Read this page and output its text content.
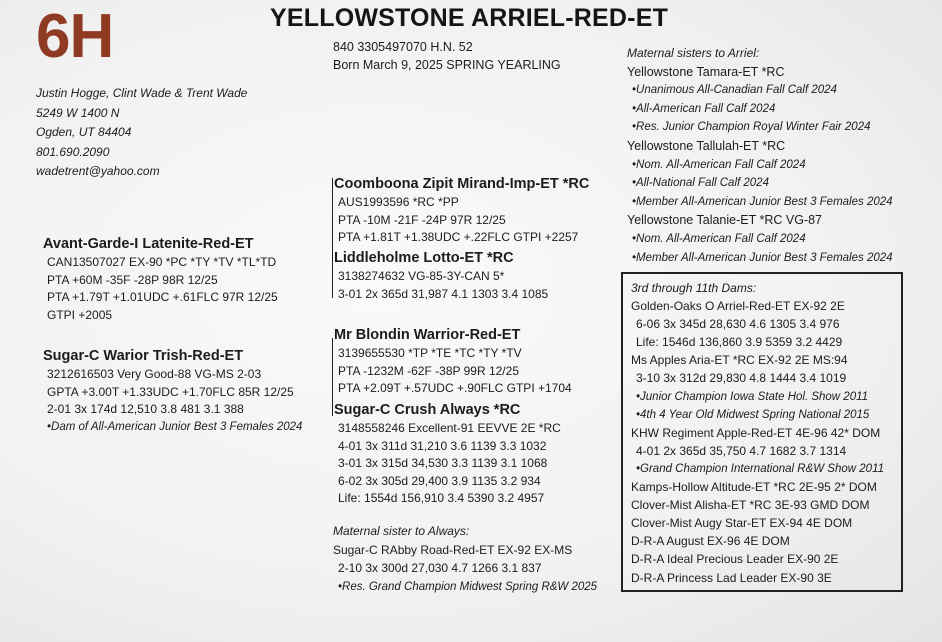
6H	YELLOWSTONE ARRIEL-RED-ET
840 3305497070 H.N. 52
Born March 9, 2025 SPRING YEARLING
Justin Hogge, Clint Wade & Trent Wade
5249 W 1400 N
Ogden, UT 84404
801.690.2090
wadetrent@yahoo.com
Avant-Garde-I Latenite-Red-ET
CAN13507027 EX-90 *PC *TY *TV *TL*TD
PTA +60M -35F -28P 98R 12/25
PTA +1.79T +1.01UDC +.61FLC 97R 12/25
GTPI +2005
Sugar-C Warior Trish-Red-ET
3212616503 Very Good-88 VG-MS 2-03
GPTA +3.00T +1.33UDC +1.70FLC 85R 12/25
2-01 3x 174d 12,510 3.8 481 3.1 388
•Dam of All-American Junior Best 3 Females 2024
Coomboona Zipit Mirand-Imp-ET *RC
AUS1993596 *RC *PP
PTA -10M -21F -24P 97R 12/25
PTA +1.81T +1.38UDC +.22FLC GTPI +2257
Liddleholme Lotto-ET *RC
3138274632 VG-85-3Y-CAN 5*
3-01 2x 365d 31,987 4.1 1303 3.4 1085
Mr Blondin Warrior-Red-ET
3139655530 *TP *TE *TC *TY *TV
PTA -1232M -62F -38P 99R 12/25
PTA +2.09T +.57UDC +.90FLC GTPI +1704
Sugar-C Crush Always *RC
3148558246 Excellent-91 EEVVE 2E *RC
4-01 3x 311d 31,210 3.6 1139 3.3 1032
3-01 3x 315d 34,530 3.3 1139 3.1 1068
6-02 3x 305d 29,400 3.9 1135 3.2 934
Life: 1554d 156,910 3.4 5390 3.2 4957
Maternal sister to Always:
Sugar-C RAbby Road-Red-ET EX-92 EX-MS
2-10 3x 300d 27,030 4.7 1266 3.1 837
•Res. Grand Champion Midwest Spring R&W 2025
Maternal sisters to Arriel:
Yellowstone Tamara-ET *RC
•Unanimous All-Canadian Fall Calf 2024
•All-American Fall Calf 2024
•Res. Junior Champion Royal Winter Fair 2024
Yellowstone Tallulah-ET *RC
•Nom. All-American Fall Calf 2024
•All-National Fall Calf 2024
•Member All-American Junior Best 3 Females 2024
Yellowstone Talanie-ET *RC VG-87
•Nom. All-American Fall Calf 2024
•Member All-American Junior Best 3 Females 2024
3rd through 11th Dams:
Golden-Oaks O Arriel-Red-ET EX-92 2E
6-06 3x 345d 28,630 4.6 1305 3.4 976
Life: 1546d 136,860 3.9 5359 3.2 4429
Ms Apples Aria-ET *RC EX-92 2E MS:94
3-10 3x 312d 29,830 4.8 1444 3.4 1019
•Junior Champion Iowa State Hol. Show 2011
•4th 4 Year Old Midwest Spring National 2015
KHW Regiment Apple-Red-ET 4E-96 42* DOM
4-01 2x 365d 35,750 4.7 1682 3.7 1314
•Grand Champion International R&W Show 2011
Kamps-Hollow Altitude-ET *RC 2E-95 2* DOM
Clover-Mist Alisha-ET *RC 3E-93 GMD DOM
Clover-Mist Augy Star-ET EX-94 4E DOM
D-R-A August EX-96 4E DOM
D-R-A Ideal Precious Leader EX-90 2E
D-R-A Princess Lad Leader EX-90 3E
